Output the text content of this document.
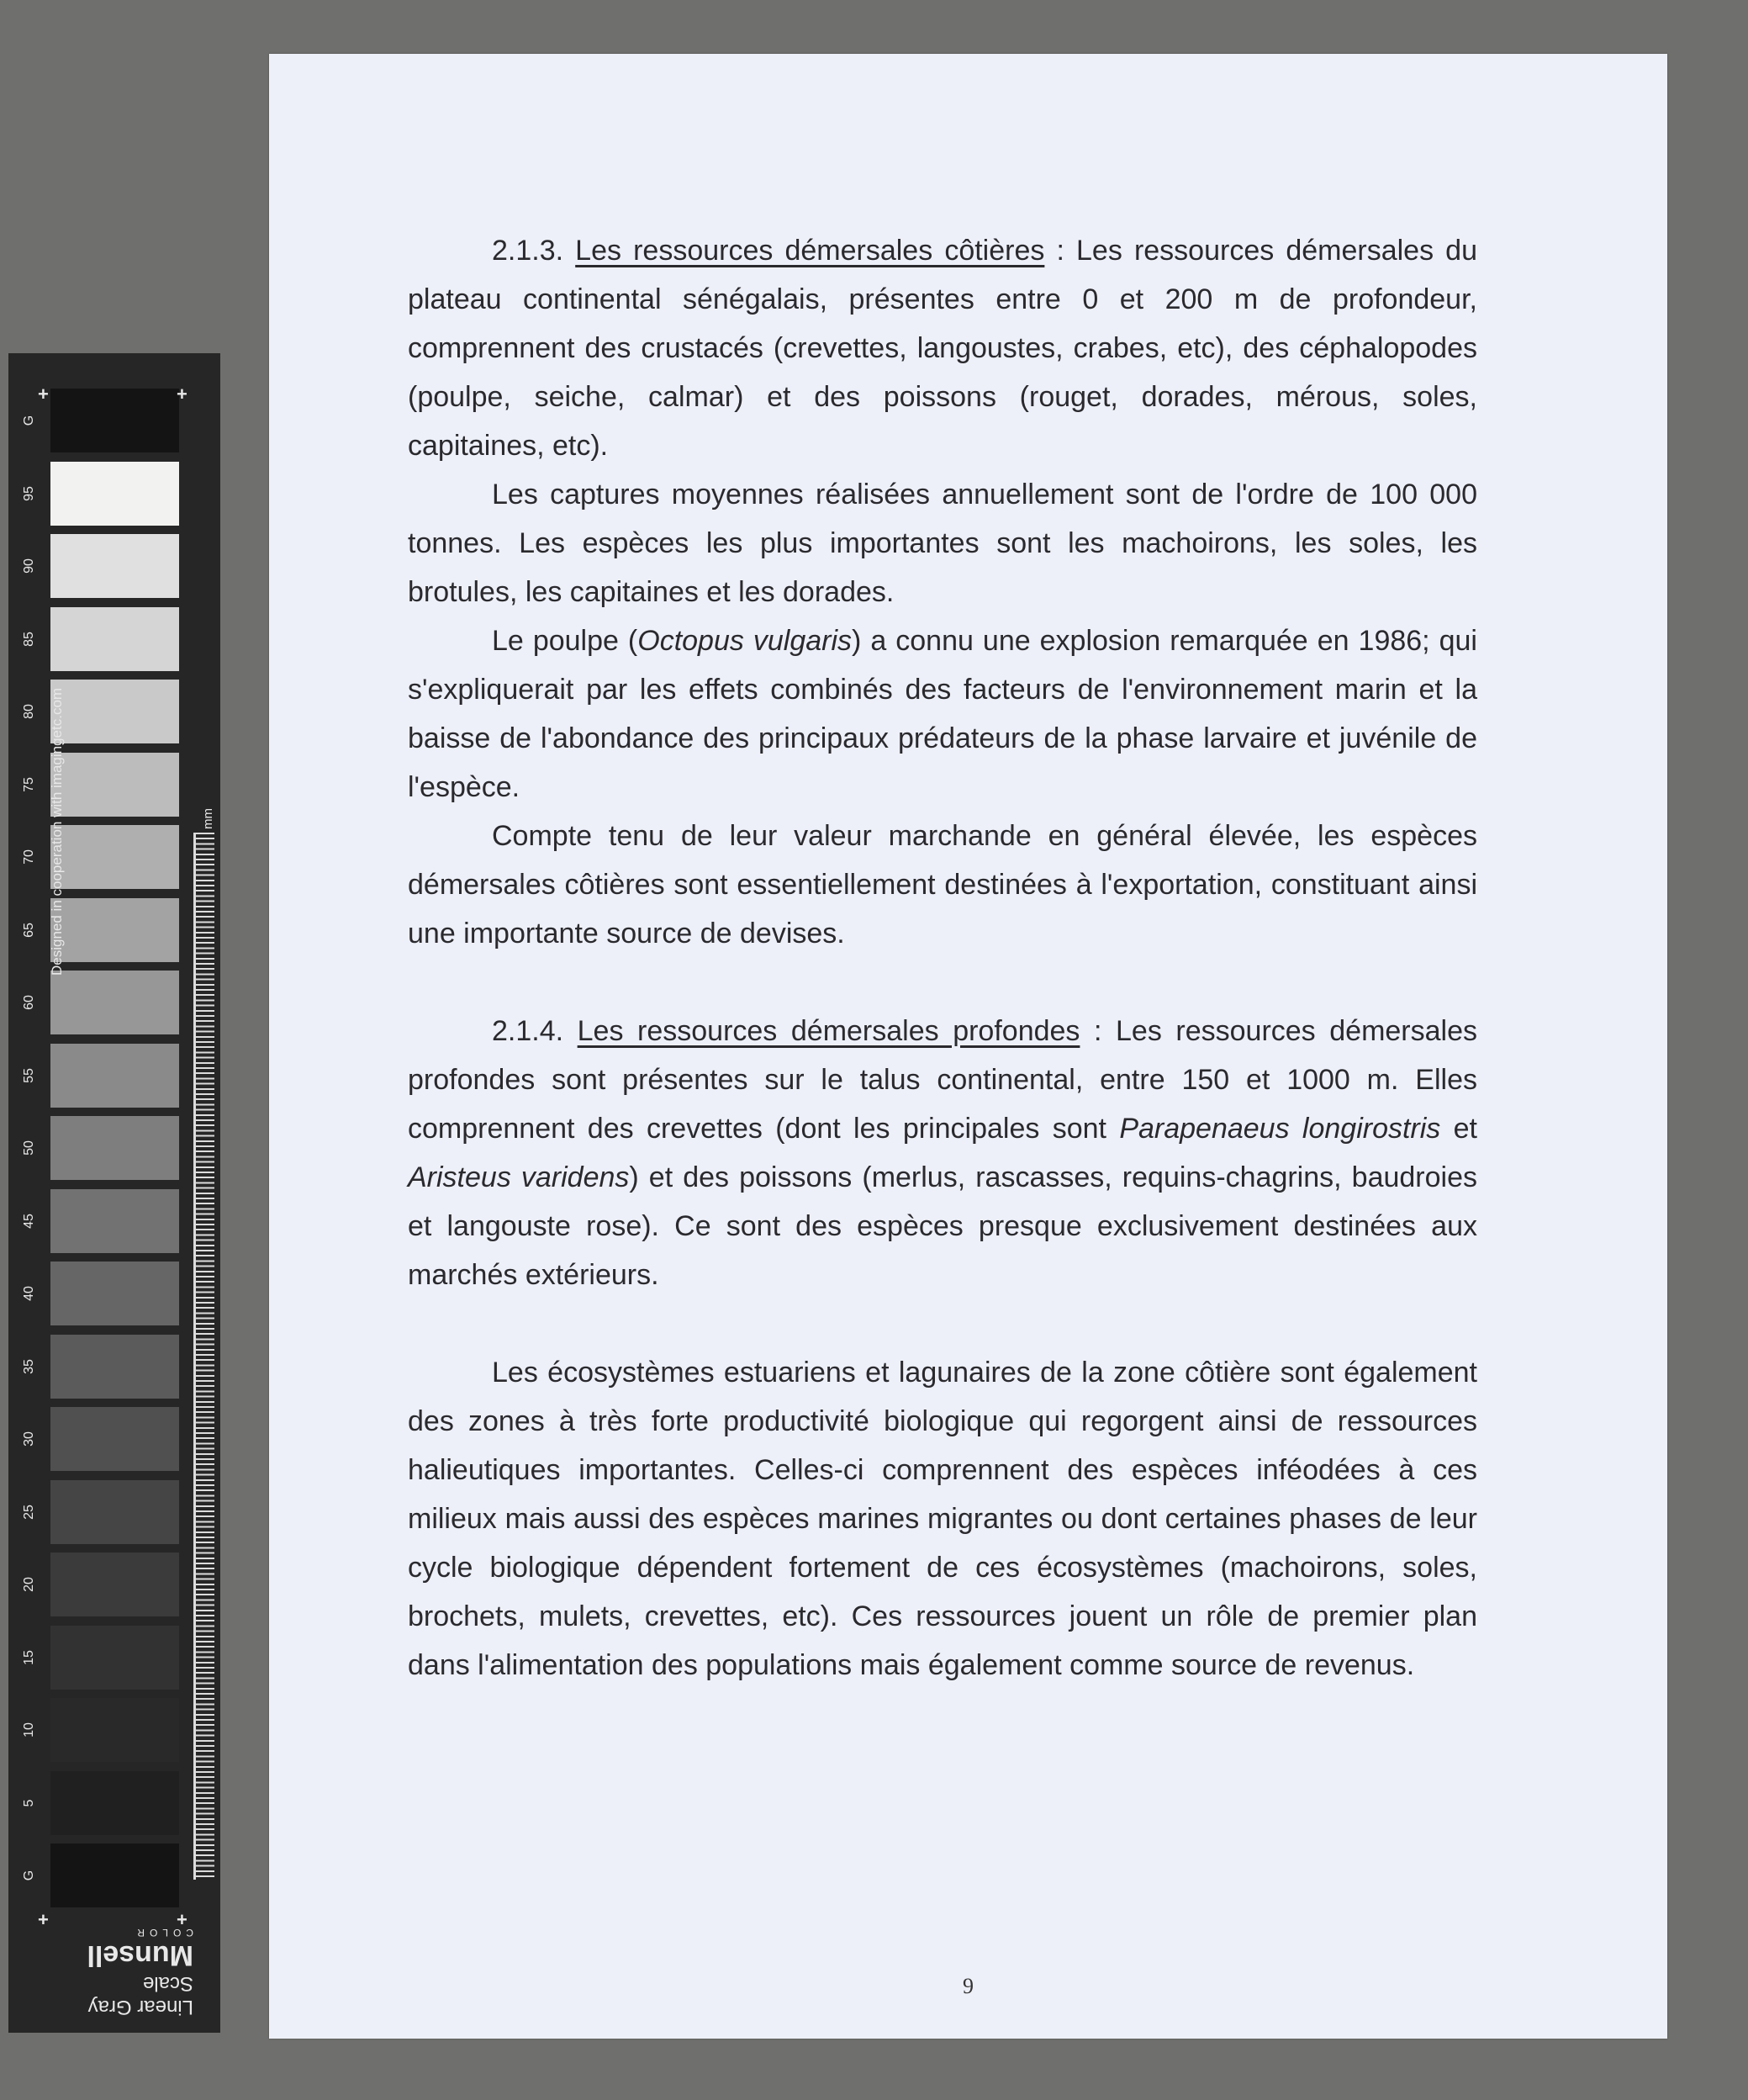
G
95
90
85
80
75
70
65
60
55
50
45
40
35
30
25
20
15
10
5
G
+	+
+	+
Designed in cooperation with imagingetc.com	mm
Linear Gray Scale
Munsell
COLOR

2.1.3. Les ressources démersales côtières : Les ressources démersales du plateau continental sénégalais, présentes entre 0 et 200 m de profondeur, comprennent des crustacés (crevettes, langoustes, crabes, etc), des céphalopodes (poulpe, seiche, calmar) et des poissons (rouget, dorades, mérous, soles, capitaines, etc).

Les captures moyennes réalisées annuellement sont de l'ordre de 100 000 tonnes. Les espèces les plus importantes sont les machoirons, les soles, les brotules, les capitaines et les dorades.

Le poulpe (Octopus vulgaris) a connu une explosion remarquée en 1986; qui s'expliquerait par les effets combinés des facteurs de l'environnement marin et la baisse de l'abondance des principaux prédateurs de la phase larvaire et juvénile de l'espèce.

Compte tenu de leur valeur marchande en général élevée, les espèces démersales côtières sont essentiellement destinées à l'exportation, constituant ainsi une importante source de devises.

2.1.4. Les ressources démersales profondes : Les ressources démersales profondes sont présentes sur le talus continental, entre 150 et 1000 m. Elles comprennent des crevettes (dont les principales sont Parapenaeus longirostris et Aristeus varidens) et des poissons (merlus, rascasses, requins-chagrins, baudroies et langouste rose). Ce sont des espèces presque exclusivement destinées aux marchés extérieurs.

Les écosystèmes estuariens et lagunaires de la zone côtière sont également des zones à très forte productivité biologique qui regorgent ainsi de ressources halieutiques importantes. Celles-ci comprennent des espèces inféodées à ces milieux mais aussi des espèces marines migrantes ou dont certaines phases de leur cycle biologique dépendent fortement de ces écosystèmes (machoirons, soles, brochets, mulets, crevettes, etc). Ces ressources jouent un rôle de premier plan dans l'alimentation des populations mais également comme source de revenus.

9
